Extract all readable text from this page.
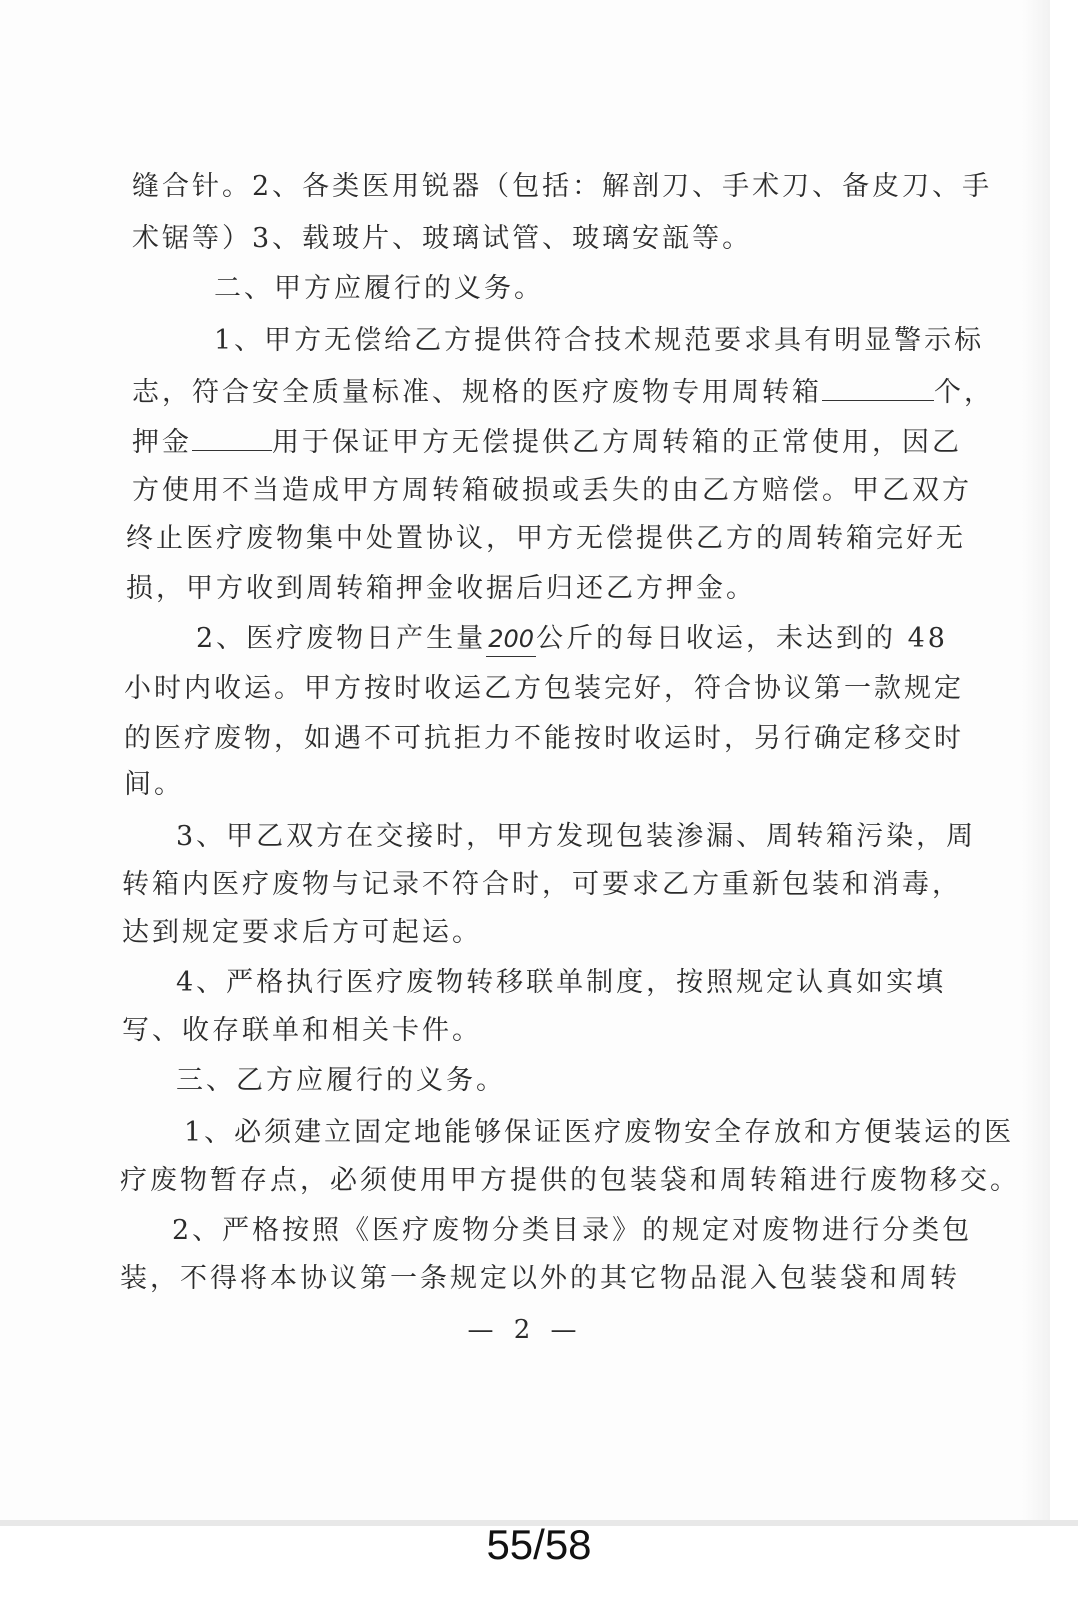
缝合针。2、各类医用锐器（包括：解剖刀、手术刀、备皮刀、手
术锯等）3、载玻片、玻璃试管、玻璃安瓿等。
二、甲方应履行的义务。
1、甲方无偿给乙方提供符合技术规范要求具有明显警示标
志，符合安全质量标准、规格的医疗废物专用周转箱	个，
押金	用于保证甲方无偿提供乙方周转箱的正常使用，因乙
方使用不当造成甲方周转箱破损或丢失的由乙方赔偿。甲乙双方
终止医疗废物集中处置协议，甲方无偿提供乙方的周转箱完好无
损，甲方收到周转箱押金收据后归还乙方押金。
2、医疗废物日产生量200公斤的每日收运，未达到的 48
小时内收运。甲方按时收运乙方包装完好，符合协议第一款规定
的医疗废物，如遇不可抗拒力不能按时收运时，另行确定移交时
间。
3、甲乙双方在交接时，甲方发现包装渗漏、周转箱污染，周
转箱内医疗废物与记录不符合时，可要求乙方重新包装和消毒，
达到规定要求后方可起运。
4、严格执行医疗废物转移联单制度，按照规定认真如实填
写、收存联单和相关卡件。
三、乙方应履行的义务。
1、必须建立固定地能够保证医疗废物安全存放和方便装运的医
疗废物暂存点，必须使用甲方提供的包装袋和周转箱进行废物移交。
2、严格按照《医疗废物分类目录》的规定对废物进行分类包
装，不得将本协议第一条规定以外的其它物品混入包装袋和周转
— 2 —
55/58
